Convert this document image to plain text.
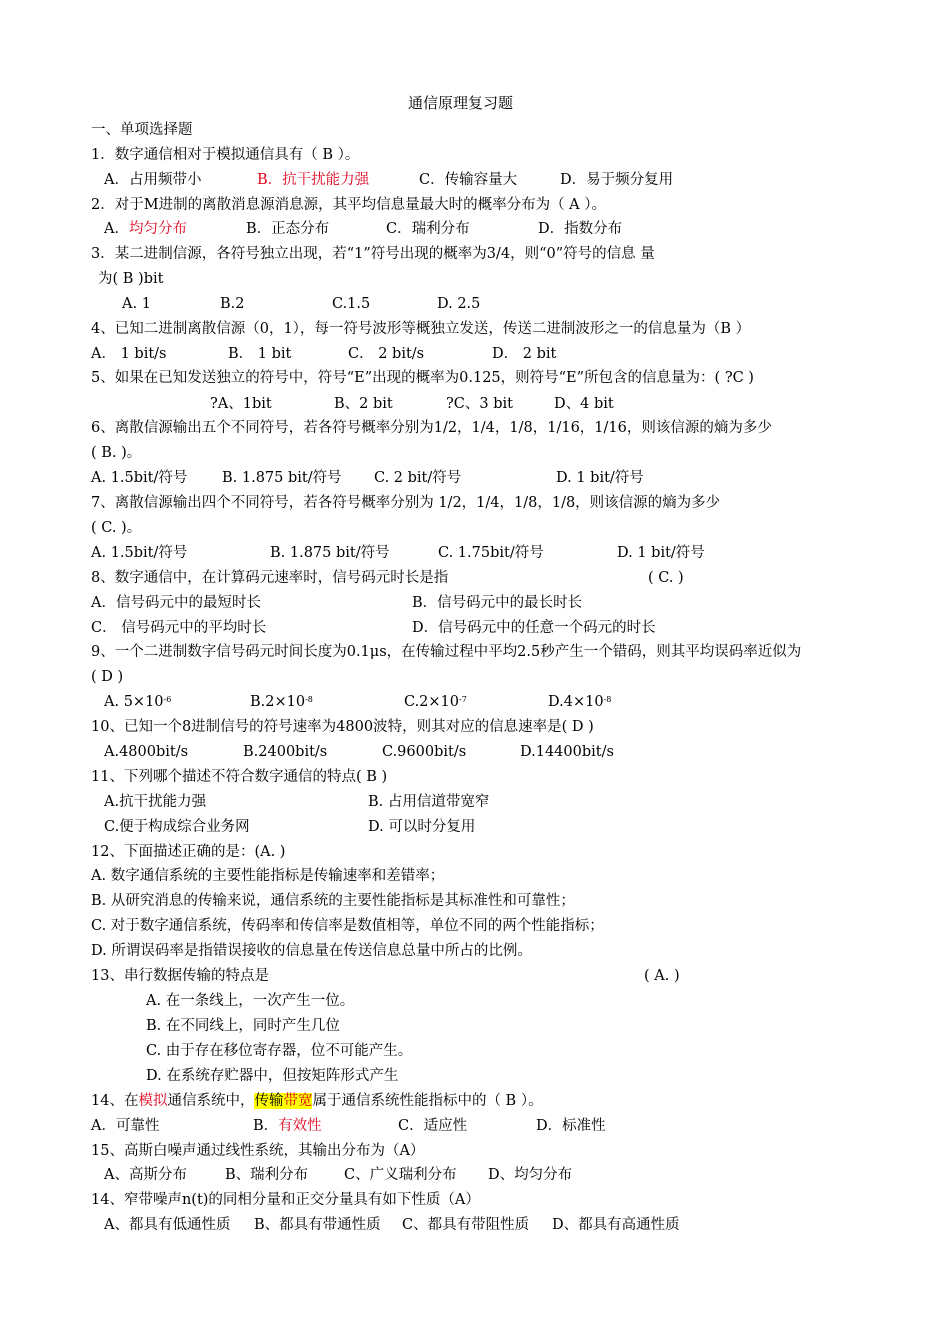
通信原理复习题
一、单项选择题
1．数字通信相对于模拟通信具有（ B ）。
A．占用频带小	B．抗干扰能力强	C．传输容量大	D．易于频分复用
2．对于M进制的离散消息源消息源，其平均信息量最大时的概率分布为（ A ）。
A．均匀分布	B．正态分布	C．瑞利分布	D．指数分布
3．某二进制信源，各符号独立出现，若“1”符号出现的概率为3/4，则“0”符号的信息 量
为( B )bit
A. 1	B.2	C.1.5	D. 2.5
4、已知二进制离散信源（0，1），每一符号波形等概独立发送，传送二进制波形之一的信息量为（B ）
A． 1 bit/s	B． 1 bit	C． 2 bit/s	D． 2 bit
5、如果在已知发送独立的符号中，符号“E”出现的概率为0.125，则符号“E”所包含的信息量为：( ?C )
?A、1bit	B、2 bit	?C、3 bit	D、4 bit
6、离散信源输出五个不同符号，若各符号概率分别为1/2，1/4，1/8，1/16，1/16，则该信源的熵为多少
( B. )。
A. 1.5bit/符号 B. 1.875 bit/符号 C. 2 bit/符号	D. 1 bit/符号
7、离散信源输出四个不同符号，若各符号概率分别为 1/2，1/4，1/8，1/8，则该信源的熵为多少
( C. )。
A. 1.5bit/符号	B. 1.875 bit/符号	C. 1.75bit/符号	D. 1 bit/符号
8、数字通信中，在计算码元速率时，信号码元时长是指	( C. )
A．信号码元中的最短时长	B．信号码元中的最长时长
C． 信号码元中的平均时长	D．信号码元中的任意一个码元的时长
9、一个二进制数字信号码元时间长度为0.1μs，在传输过程中平均2.5秒产生一个错码，则其平均误码率近似为
( D )
A. $5\times 10^{-6}$	$B.2\times 10^{-8}$	$C.2\times 10^{-7}$	$D.4\times 10^{-8}$
10、已知一个8进制信号的符号速率为4800波特，则其对应的信息速率是( D )
A.4800bit/s	B.2400bit/s	C.9600bit/s	D.14400bit/s
11、下列哪个描述不符合数字通信的特点( B )
A.抗干扰能力强	B. 占用信道带宽窄
C.便于构成综合业务网	D. 可以时分复用
12、下面描述正确的是：(A. )
A. 数字通信系统的主要性能指标是传输速率和差错率；
B. 从研究消息的传输来说，通信系统的主要性能指标是其标准性和可靠性；
C. 对于数字通信系统，传码率和传信率是数值相等，单位不同的两个性能指标；
D. 所谓误码率是指错误接收的信息量在传送信息总量中所占的比例。
13、串行数据传输的特点是	( A. )
A. 在一条线上，一次产生一位。
B. 在不同线上，同时产生几位
C. 由于存在移位寄存器，位不可能产生。
D. 在系统存贮器中，但按矩阵形式产生
14、在模拟通信系统中，传输带宽属于通信系统性能指标中的（ B ）。
A．可靠性	B．有效性	C．适应性	D．标准性
15、高斯白噪声通过线性系统，其输出分布为（A）
A、高斯分布	B、瑞利分布 C、广义瑞利分布 D、均匀分布
14、窄带噪声n(t)的同相分量和正交分量具有如下性质（A）
A、都具有低通性质 B、都具有带通性质 C、都具有带阻性质 D、都具有高通性质
